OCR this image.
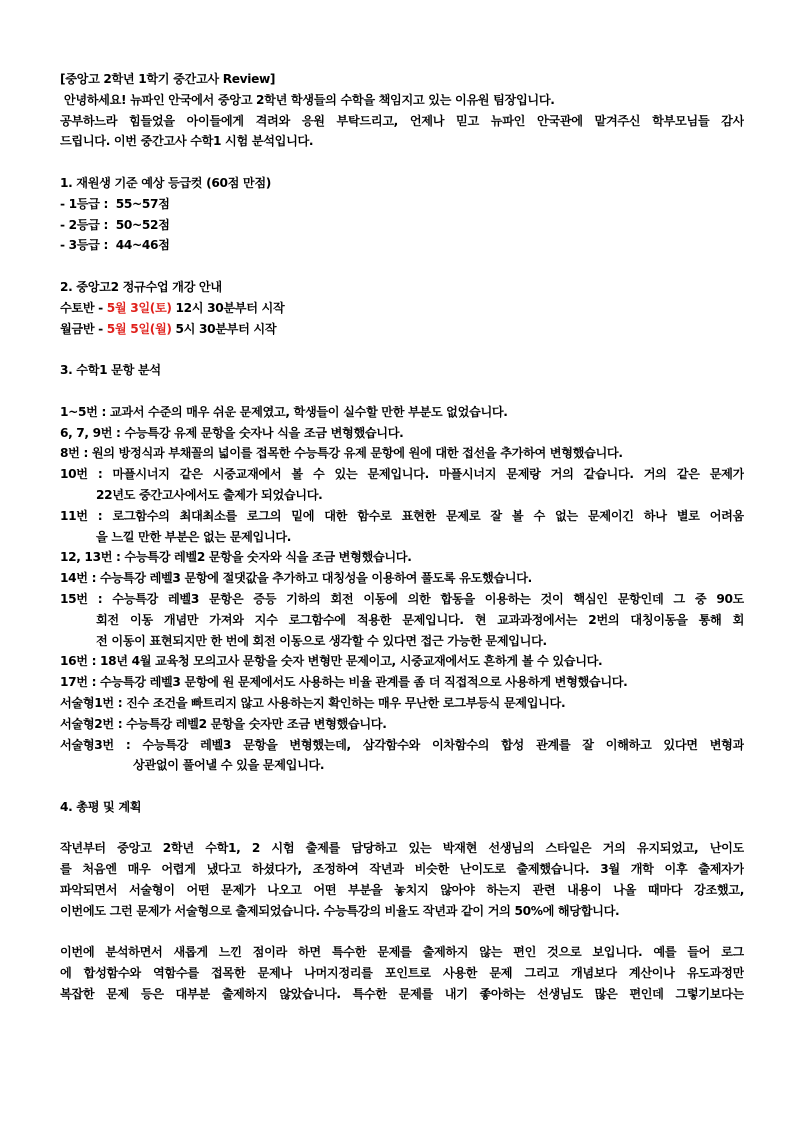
[중앙고 2학년 1학기 중간고사 Review]
안녕하세요! 뉴파인 안국에서 중앙고 2학년 학생들의 수학을 책임지고 있는 이유원 팀장입니다.
공부하느라 힘들었을 아이들에게 격려와 응원 부탁드리고, 언제나 믿고 뉴파인 안국관에 맡겨주신 학부모님들 감사
드립니다. 이번 중간고사 수학1 시험 분석입니다.
1. 재원생 기준 예상 등급컷 (60점 만점)
- 1등급 :  55~57점
- 2등급 :  50~52점
- 3등급 :  44~46점
2. 중앙고2 정규수업 개강 안내
수토반 - 5월 3일(토) 12시 30분부터 시작
월금반 - 5월 5일(월) 5시 30분부터 시작
3. 수학1 문항 분석
1~5번 : 교과서 수준의 매우 쉬운 문제였고, 학생들이 실수할 만한 부분도 없었습니다.
6, 7, 9번 : 수능특강 유제 문항을 숫자나 식을 조금 변형했습니다.
8번 : 원의 방정식과 부채꼴의 넓이를 접목한 수능특강 유제 문항에 원에 대한 접선을 추가하여 변형했습니다.
10번 : 마플시너지 같은 시중교재에서 볼 수 있는 문제입니다. 마플시너지 문제랑 거의 같습니다. 거의 같은 문제가
22년도 중간고사에서도 출제가 되었습니다.
11번 : 로그함수의 최대최소를 로그의 밑에 대한 함수로 표현한 문제로 잘 볼 수 없는 문제이긴 하나 별로 어려움
을 느낄 만한 부분은 없는 문제입니다.
12, 13번 : 수능특강 레벨2 문항을 숫자와 식을 조금 변형했습니다.
14번 : 수능특강 레벨3 문항에 절댓값을 추가하고 대칭성을 이용하여 풀도록 유도했습니다.
15번 : 수능특강 레벨3 문항은 증등 기하의 회전 이동에 의한 합동을 이용하는 것이 핵심인 문항인데 그 중 90도
회전 이동 개념만 가져와 지수 로그함수에 적용한 문제입니다. 현 교과과정에서는 2번의 대칭이동을 통해 회
전 이동이 표현되지만 한 번에 회전 이동으로 생각할 수 있다면 접근 가능한 문제입니다.
16번 : 18년 4월 교육청 모의고사 문항을 숫자 변형만 문제이고, 시중교재에서도 흔하게 볼 수 있습니다.
17번 : 수능특강 레벨3 문항에 원 문제에서도 사용하는 비율 관계를 좀 더 직접적으로 사용하게 변형했습니다.
서술형1번 : 진수 조건을 빠트리지 않고 사용하는지 확인하는 매우 무난한 로그부등식 문제입니다.
서술형2번 : 수능특강 레벨2 문항을 숫자만 조금 변형했습니다.
서술형3번 : 수능특강 레벨3 문항을 변형했는데, 삼각함수와 이차함수의 합성 관계를 잘 이해하고 있다면 변형과
상관없이 풀어낼 수 있을 문제입니다.
4. 총평 및 계획
작년부터 중앙고 2학년 수학1, 2 시험 출제를 담당하고 있는 박재현 선생님의 스타일은 거의 유지되었고, 난이도
를 처음엔 매우 어렵게 냈다고 하셨다가, 조정하여 작년과 비슷한 난이도로 출제했습니다. 3월 개학 이후 출제자가
파악되면서 서술형이 어떤 문제가 나오고 어떤 부분을 놓치지 않아야 하는지 관련 내용이 나올 때마다 강조했고,
이번에도 그런 문제가 서술형으로 출제되었습니다. 수능특강의 비율도 작년과 같이 거의 50%에 해당합니다.
이번에 분석하면서 새롭게 느낀 점이라 하면 특수한 문제를 출제하지 않는 편인 것으로 보입니다. 예를 들어 로그
에 합성함수와 역함수를 접목한 문제나 나머지정리를 포인트로 사용한 문제 그리고 개념보다 계산이나 유도과정만
복잡한 문제 등은 대부분 출제하지 않았습니다. 특수한 문제를 내기 좋아하는 선생님도 많은 편인데 그렇기보다는
